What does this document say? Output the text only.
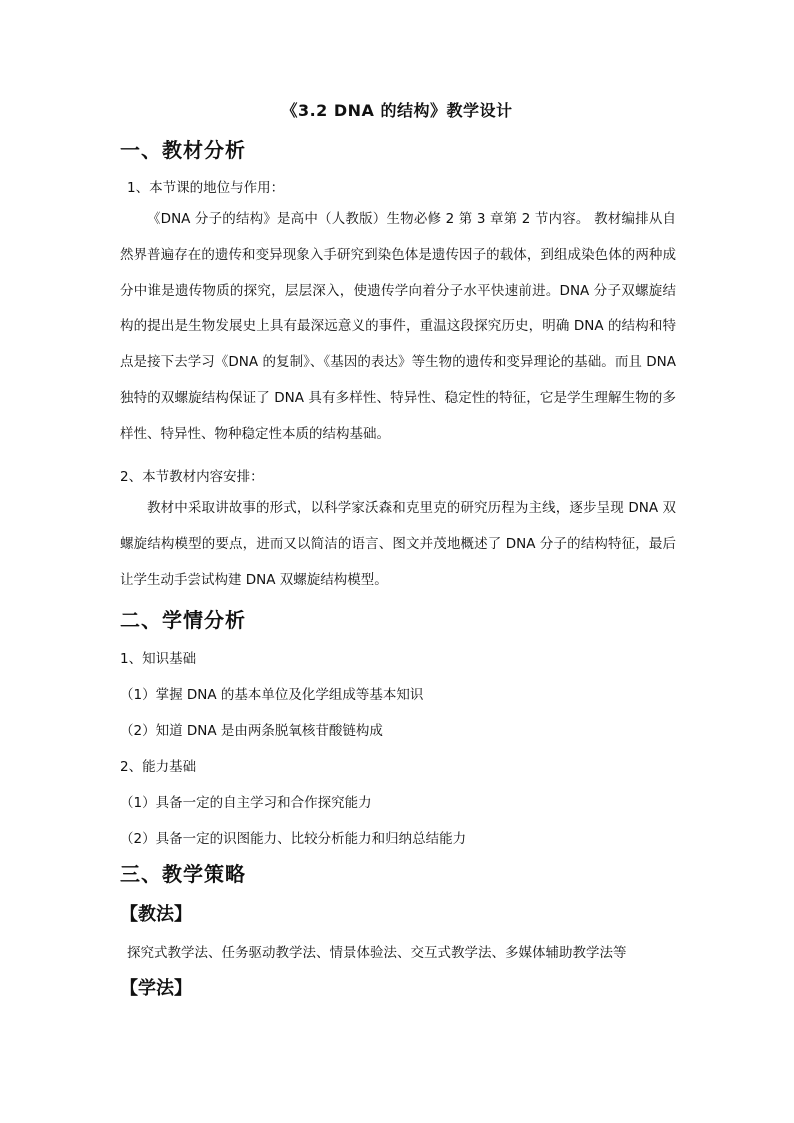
《3.2 DNA 的结构》教学设计
一、教材分析
1、本节课的地位与作用：
《DNA 分子的结构》是高中（人教版）生物必修 2 第 3 章第 2 节内容。 教材编排从自然界普遍存在的遗传和变异现象入手研究到染色体是遗传因子的载体，到组成染色体的两种成分中谁是遗传物质的探究，层层深入，使遗传学向着分子水平快速前进。DNA 分子双螺旋结构的提出是生物发展史上具有最深远意义的事件，重温这段探究历史，明确 DNA 的结构和特点是接下去学习《DNA 的复制》、《基因的表达》等生物的遗传和变异理论的基础。而且 DNA 独特的双螺旋结构保证了 DNA 具有多样性、特异性、稳定性的特征，它是学生理解生物的多样性、特异性、物种稳定性本质的结构基础。
2、本节教材内容安排：
教材中采取讲故事的形式，以科学家沃森和克里克的研究历程为主线，逐步呈现 DNA 双螺旋结构模型的要点，进而又以简洁的语言、图文并茂地概述了 DNA 分子的结构特征，最后让学生动手尝试构建 DNA 双螺旋结构模型。
二、学情分析
1、知识基础
（1）掌握 DNA 的基本单位及化学组成等基本知识
（2）知道 DNA 是由两条脱氧核苷酸链构成
2、能力基础
（1）具备一定的自主学习和合作探究能力
（2）具备一定的识图能力、比较分析能力和归纳总结能力
三、教学策略
【教法】
探究式教学法、任务驱动教学法、情景体验法、交互式教学法、多媒体辅助教学法等
【学法】
